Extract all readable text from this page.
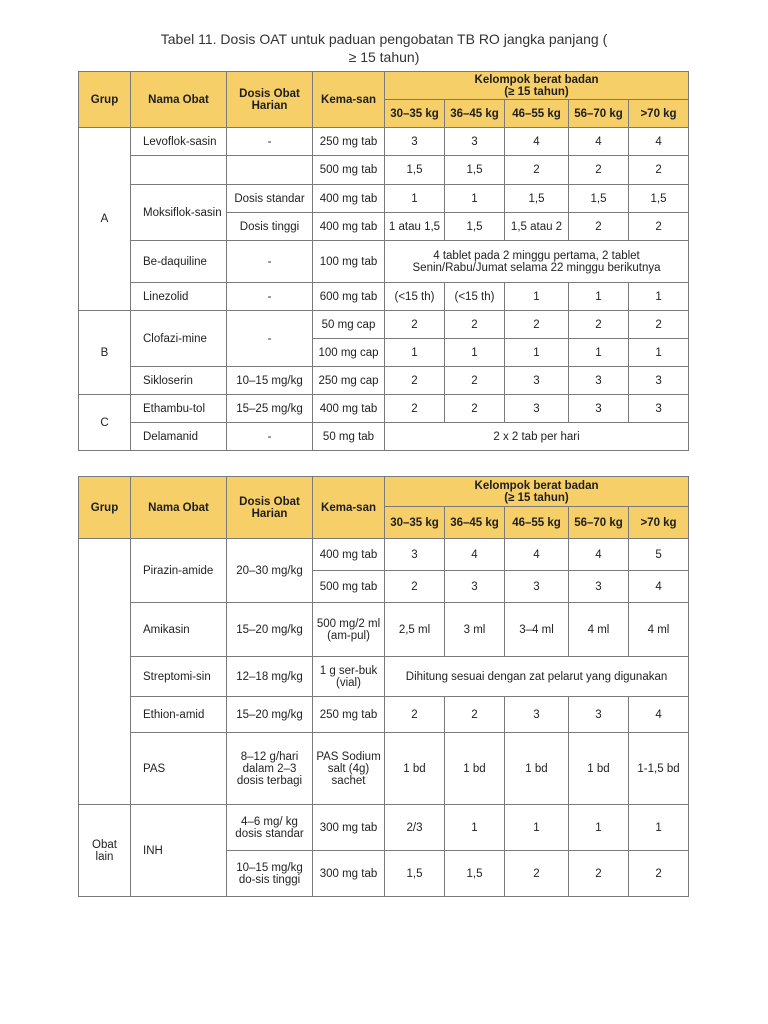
Tabel 11. Dosis OAT untuk paduan pengobatan TB RO jangka panjang (
≥ 15 tahun)
Grup	Nama Obat	Dosis Obat Harian	Kema-san	Kelompok berat badan
(≥ 15 tahun)				

				30–35 kg	36–45 kg	46–55 kg	56–70 kg	>70 kg
A	Levoflok-sasin	-	250 mg tab	3	3	4	4	4
			500 mg tab	1,5	1,5	2	2	2
	Moksiflok-sasin	Dosis standar	400 mg tab	1	1	1,5	1,5	1,5
		Dosis tinggi	400 mg tab	1 atau 1,5	1,5	1,5 atau 2	2	2
	Be-daquiline	-	100 mg tab	4 tablet pada 2 minggu pertama, 2 tablet Senin/Rabu/Jumat selama 22 minggu berikutnya				
	Linezolid	-	600 mg tab	(<15 th)	(<15 th)	1	1	1
B	Clofazi-mine	-	50 mg cap	2	2	2	2	2
			100 mg cap	1	1	1	1	1
	Sikloserin	10–15 mg/kg	250 mg cap	2	2	3	3	3
C	Ethambu-tol	15–25 mg/kg	400 mg tab	2	2	3	3	3
	Delamanid	-	50 mg tab	2 x 2 tab per hari				
Grup	Nama Obat	Dosis Obat Harian	Kema-san	Kelompok berat badan
(≥ 15 tahun)				

				30–35 kg	36–45 kg	46–55 kg	56–70 kg	>70 kg
	Pirazin-amide	20–30 mg/kg	400 mg tab	3	4	4	4	5
			500 mg tab	2	3	3	3	4
	Amikasin	15–20 mg/kg	500 mg/2 ml (am-pul)	2,5 ml	3 ml	3–4 ml	4 ml	4 ml
	Streptomi-sin	12–18 mg/kg	1 g ser-buk (vial)	Dihitung sesuai dengan zat pelarut yang digunakan				
	Ethion-amid	15–20 mg/kg	250 mg tab	2	2	3	3	4
	PAS	8–12 g/hari dalam 2–3 dosis terbagi	PAS Sodium salt (4g) sachet	1 bd	1 bd	1 bd	1 bd	1-1,5 bd
Obat lain	INH	4–6 mg/ kg dosis standar	300 mg tab	2/3	1	1	1	1
		10–15 mg/kg do-sis tinggi	300 mg tab	1,5	1,5	2	2	2
